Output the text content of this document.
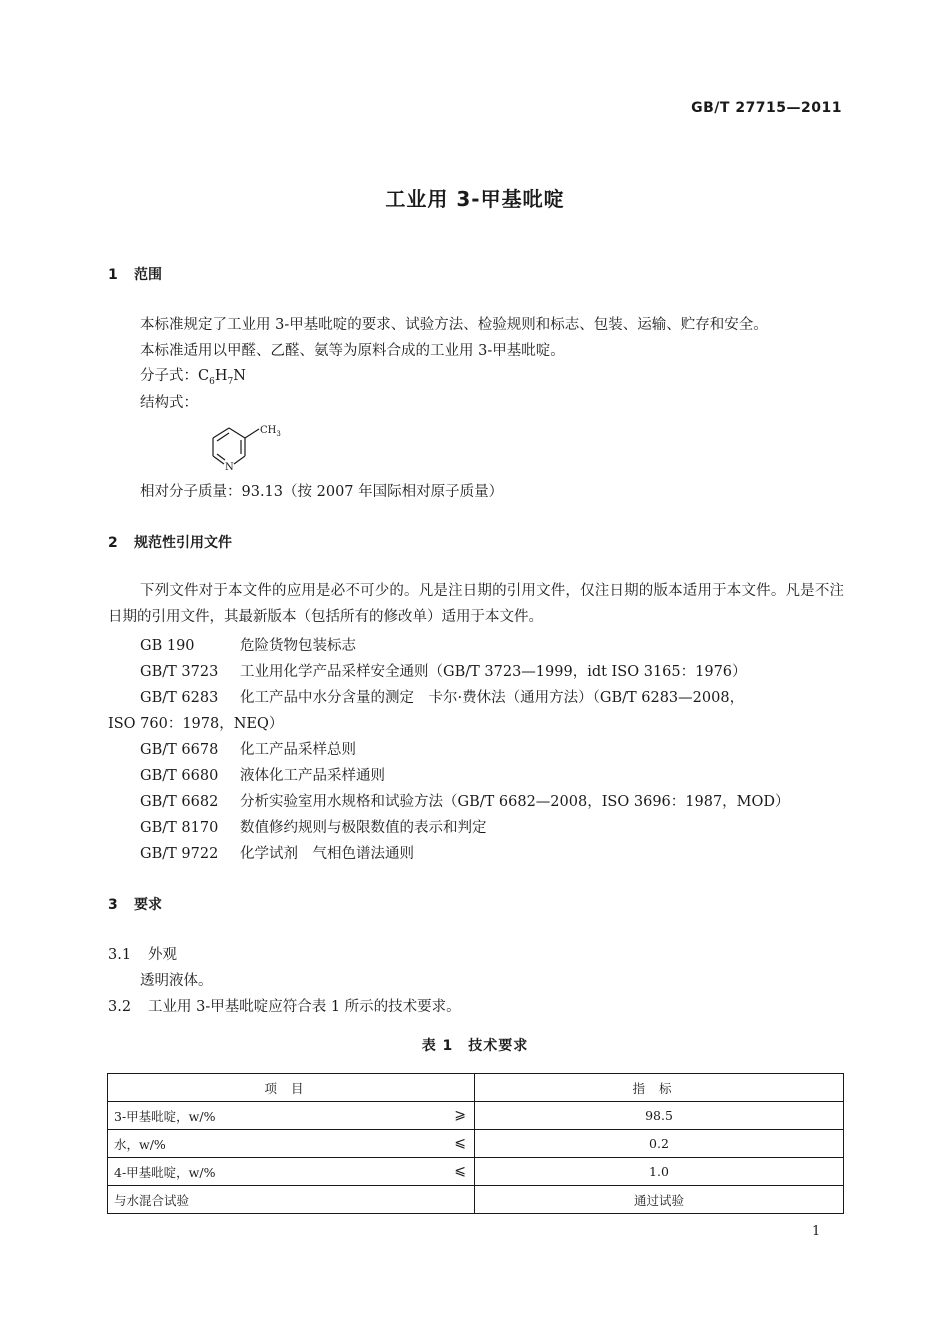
GB/T 27715—2011
工业用 3-甲基吡啶
1 范围
本标准规定了工业用 3-甲基吡啶的要求、试验方法、检验规则和标志、包装、运输、贮存和安全。
本标准适用以甲醛、乙醛、氨等为原料合成的工业用 3-甲基吡啶。
分子式：$C_6H_7N$
结构式：
$CH_3$
N
相对分子质量：93.13（按 2007 年国际相对原子质量）
2 规范性引用文件
下列文件对于本文件的应用是必不可少的。凡是注日期的引用文件，仅注日期的版本适用于本文件。凡是不注日期的引用文件，其最新版本（包括所有的修改单）适用于本文件。
GB 190	危险货物包装标志
GB/T 3723 工业用化学产品采样安全通则（GB/T 3723—1999，idt ISO 3165：1976）
GB/T 6283 化工产品中水分含量的测定　卡尔·费休法（通用方法）（GB/T 6283—2008，
ISO 760：1978，NEQ）
GB/T 6678 化工产品采样总则
GB/T 6680 液体化工产品采样通则
GB/T 6682 分析实验室用水规格和试验方法（GB/T 6682—2008，ISO 3696：1987，MOD）
GB/T 8170 数值修约规则与极限数值的表示和判定
GB/T 9722 化学试剂　气相色谱法通则
3 要求
3.1 外观
透明液体。
3.2 工业用 3-甲基吡啶应符合表 1 所示的技术要求。
表 1　技术要求
项目	指标
3-甲基吡啶，w/% ⩾	98.5
水，w/% ⩽	0.2
4-甲基吡啶，w/% ⩽	1.0
与水混合试验	通过试验
1
